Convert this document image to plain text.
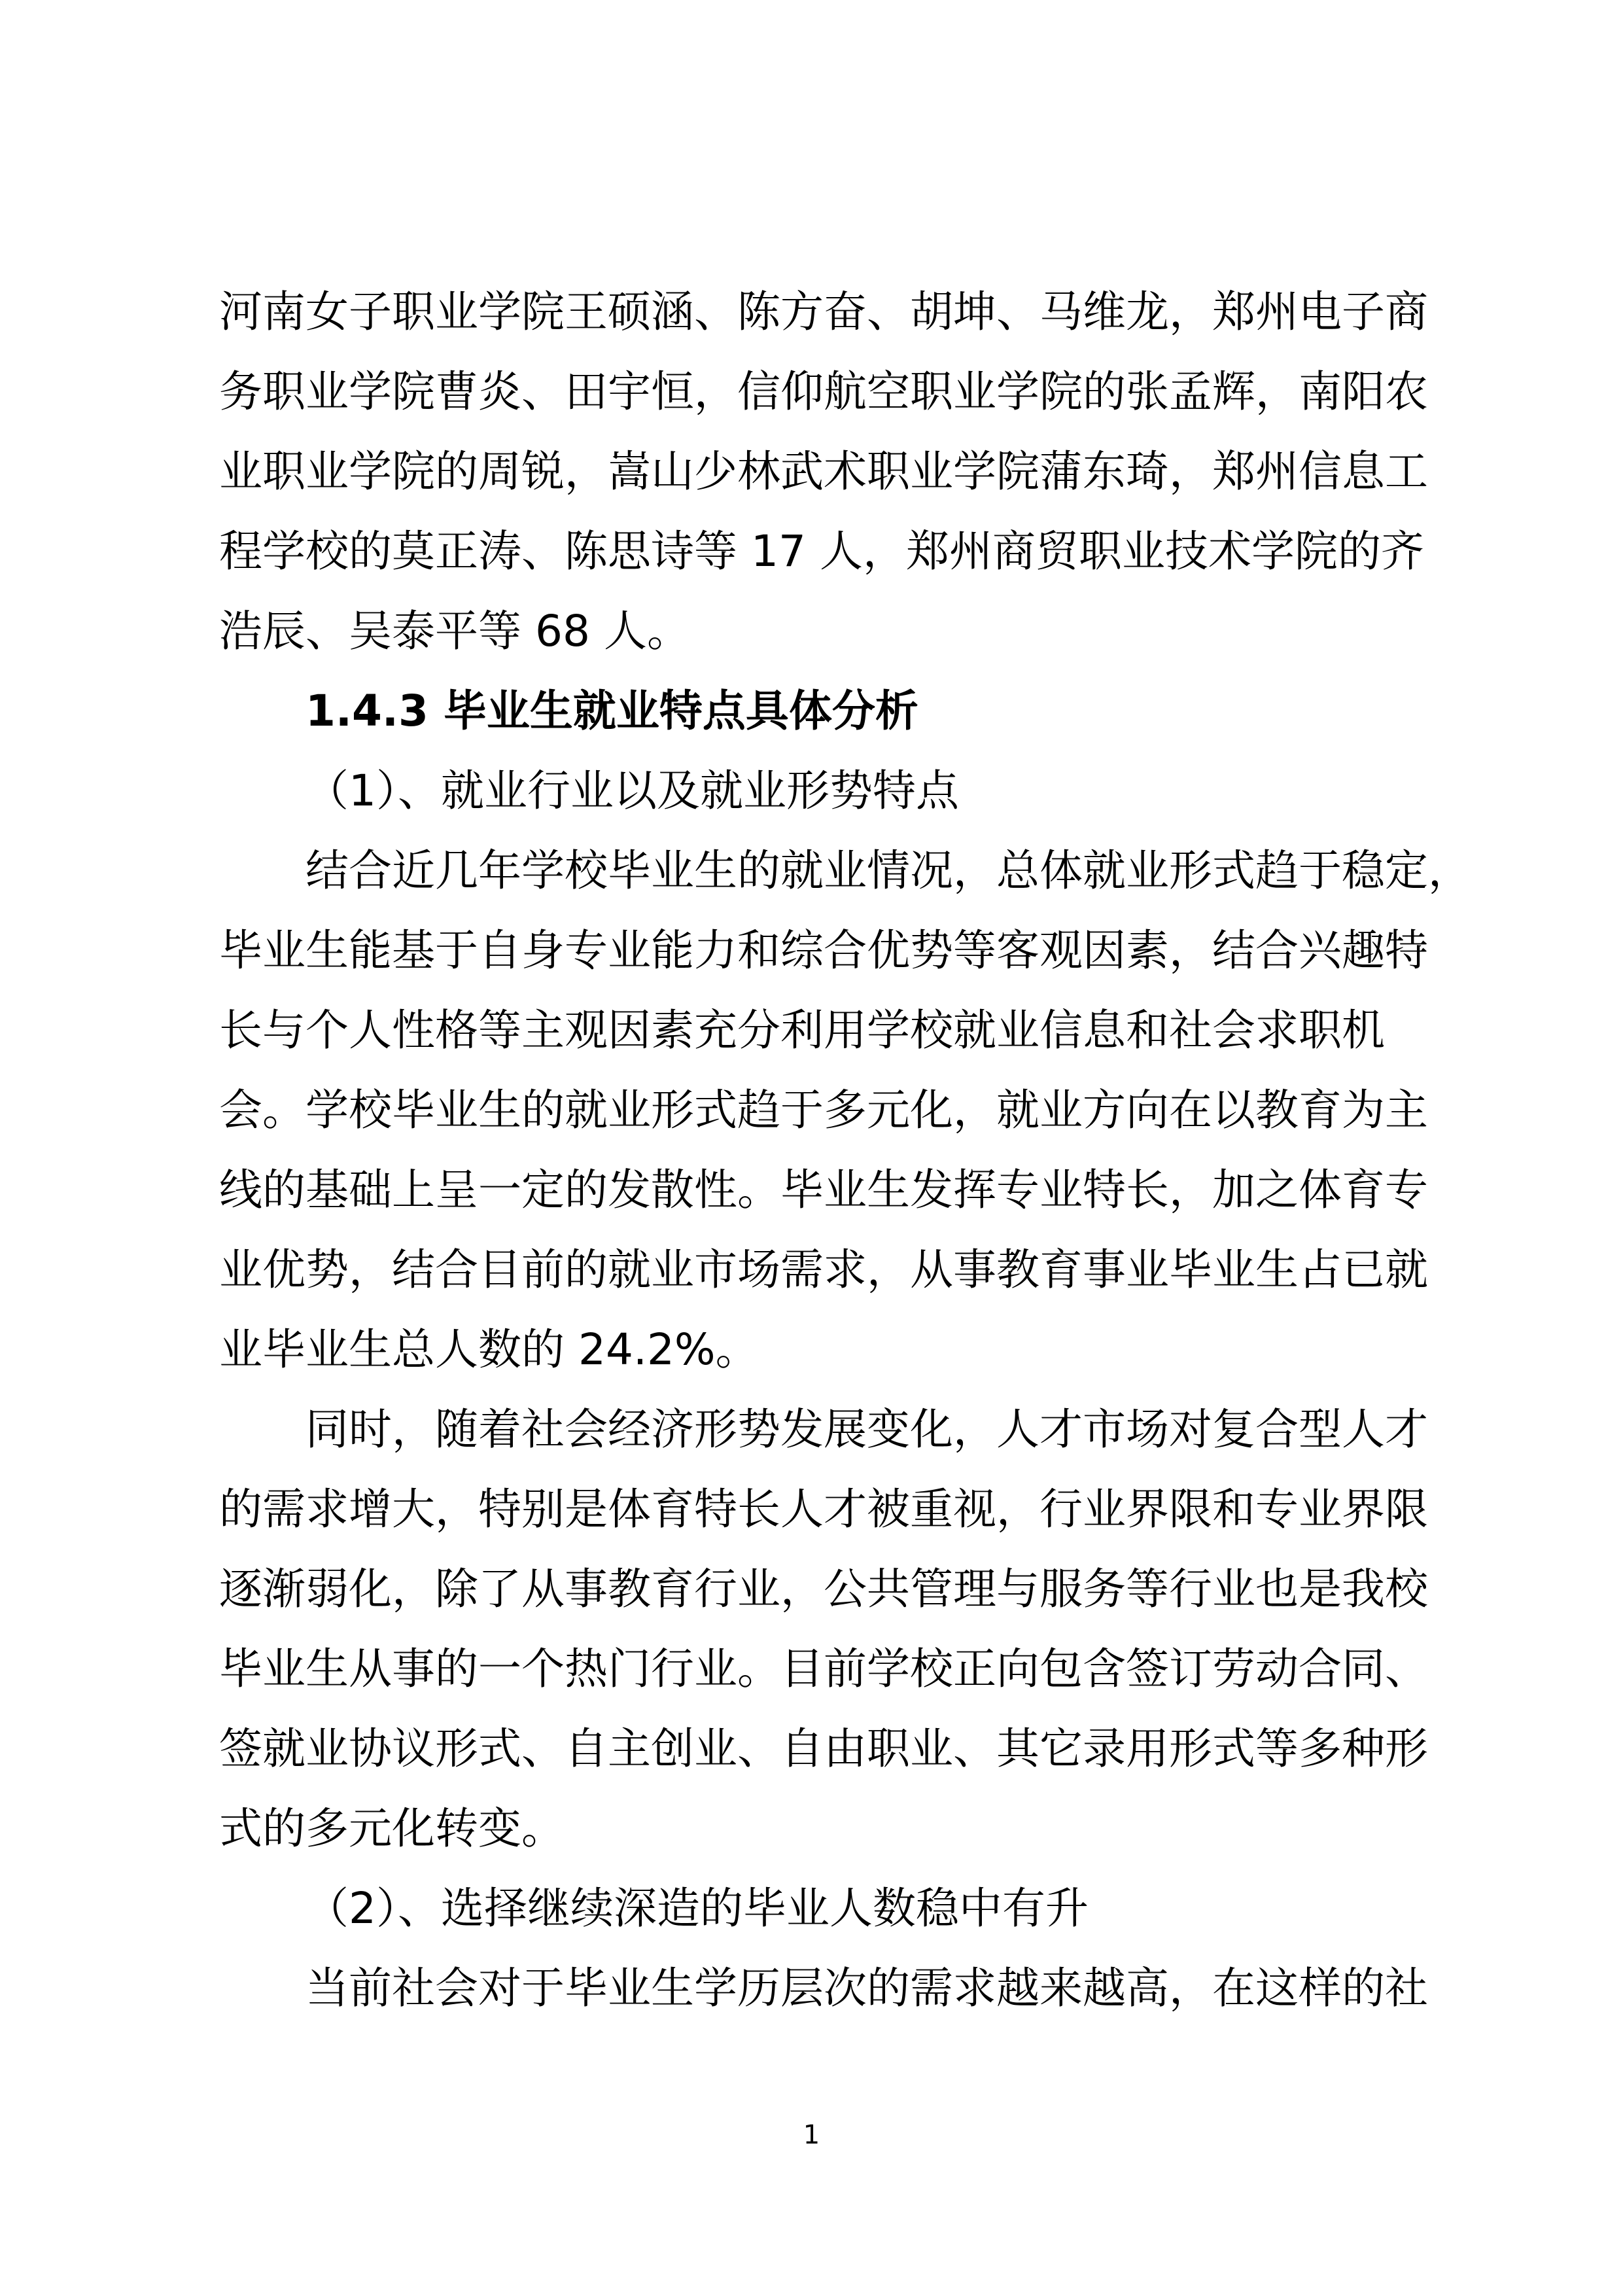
河南女子职业学院王硕涵、陈方奋、胡坤、马维龙，郑州电子商
务职业学院曹炎、田宇恒，信仰航空职业学院的张孟辉，南阳农
业职业学院的周锐，嵩山少林武术职业学院蒲东琦，郑州信息工
程学校的莫正涛、陈思诗等 17 人，郑州商贸职业技术学院的齐
浩辰、吴泰平等 68 人。
1.4.3 毕业生就业特点具体分析
（1）、就业行业以及就业形势特点
结合近几年学校毕业生的就业情况，总体就业形式趋于稳定，
毕业生能基于自身专业能力和综合优势等客观因素，结合兴趣特
长与个人性格等主观因素充分利用学校就业信息和社会求职机
会。学校毕业生的就业形式趋于多元化，就业方向在以教育为主
线的基础上呈一定的发散性。毕业生发挥专业特长，加之体育专
业优势，结合目前的就业市场需求，从事教育事业毕业生占已就
业毕业生总人数的 24.2%。
同时，随着社会经济形势发展变化，人才市场对复合型人才
的需求增大，特别是体育特长人才被重视，行业界限和专业界限
逐渐弱化，除了从事教育行业，公共管理与服务等行业也是我校
毕业生从事的一个热门行业。目前学校正向包含签订劳动合同、
签就业协议形式、自主创业、自由职业、其它录用形式等多种形
式的多元化转变。
（2）、选择继续深造的毕业人数稳中有升
当前社会对于毕业生学历层次的需求越来越高，在这样的社
1
